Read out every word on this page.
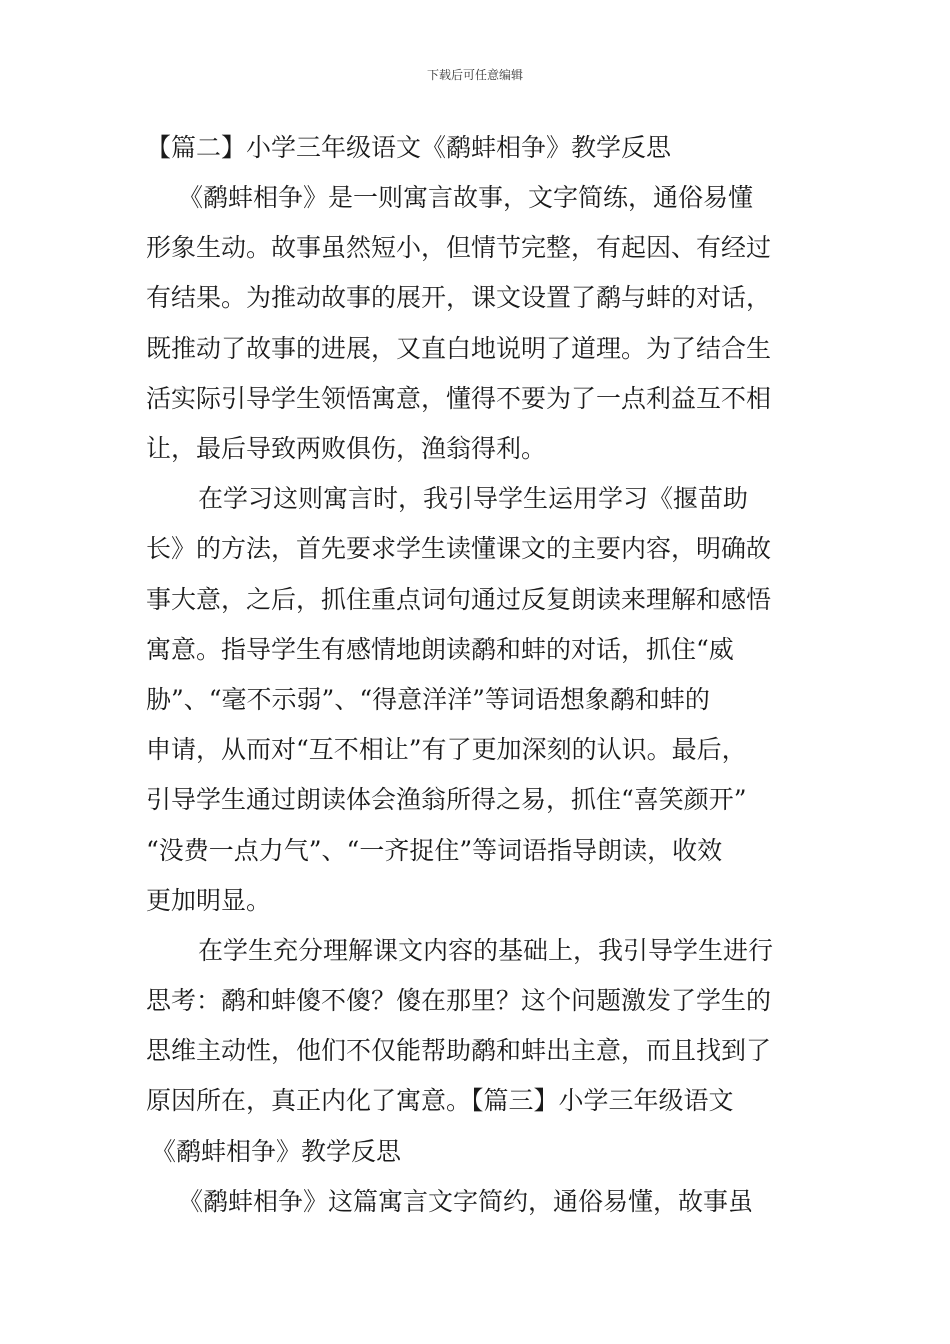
下载后可任意编辑
【篇二】小学三年级语文《鹬蚌相争》教学反思
《鹬蚌相争》是一则寓言故事，文字简练，通俗易懂
形象生动。故事虽然短小，但情节完整，有起因、有经过
有结果。为推动故事的展开，课文设置了鹬与蚌的对话，
既推动了故事的进展，又直白地说明了道理。为了结合生
活实际引导学生领悟寓意，懂得不要为了一点利益互不相
让，最后导致两败俱伤，渔翁得利。
在学习这则寓言时，我引导学生运用学习《揠苗助
长》的方法，首先要求学生读懂课文的主要内容，明确故
事大意，之后，抓住重点词句通过反复朗读来理解和感悟
寓意。指导学生有感情地朗读鹬和蚌的对话，抓住“威
胁”、“毫不示弱”、“得意洋洋”等词语想象鹬和蚌的
申请，从而对“互不相让”有了更加深刻的认识。最后，
引导学生通过朗读体会渔翁所得之易，抓住“喜笑颜开”
“没费一点力气”、“一齐捉住”等词语指导朗读，收效
更加明显。
在学生充分理解课文内容的基础上，我引导学生进行
思考：鹬和蚌傻不傻？傻在那里？这个问题激发了学生的
思维主动性，他们不仅能帮助鹬和蚌出主意，而且找到了
原因所在，真正内化了寓意。【篇三】小学三年级语文
《鹬蚌相争》教学反思
《鹬蚌相争》这篇寓言文字简约，通俗易懂，故事虽
